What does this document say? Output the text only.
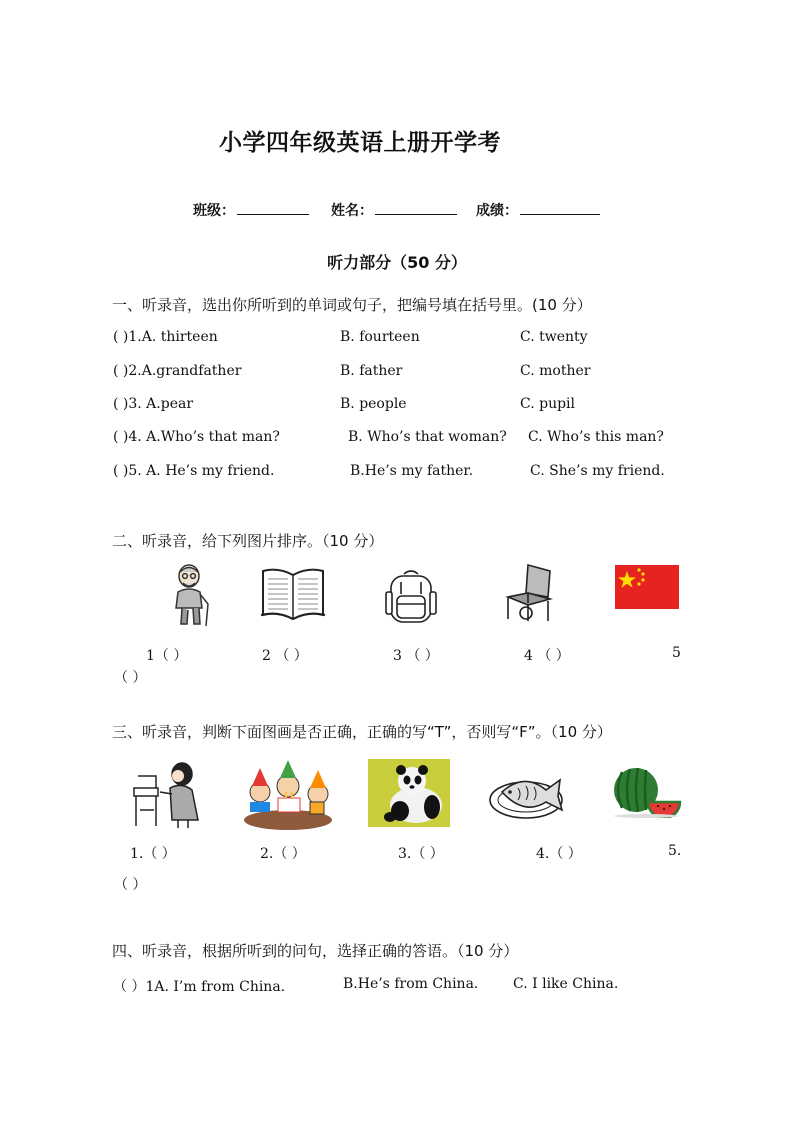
小学四年级英语上册开学考
班级：	姓名：	成绩：
听力部分（50 分）
一、听录音，选出你所听到的单词或句子，把编号填在括号里。(10 分）
( )1.A. thirteen	B. fourteen	C. twenty
( )2.A.grandfather	B. father	C. mother
( )3. A.pear	B. people	C. pupil
( )4. A.Who’s that man?	B. Who’s that woman? C. Who’s this man?
( )5. A. He’s my friend.	B.He’s my father.	C. She’s my friend.
二、听录音，给下列图片排序。（10 分）
1（ ）	2 （ ）	3 （ ）	4 （ ）	5
（ ）
三、听录音，判断下面图画是否正确，正确的写“T”，否则写“F”。（10 分）
1.（ ）	2.（ ）	3.（ ）	4.（ ）	5.
（ ）
四、听录音，根据所听到的问句，选择正确的答语。（10 分）
（ ）1A. I’m from China.	B.He’s from China. C. I like China.
